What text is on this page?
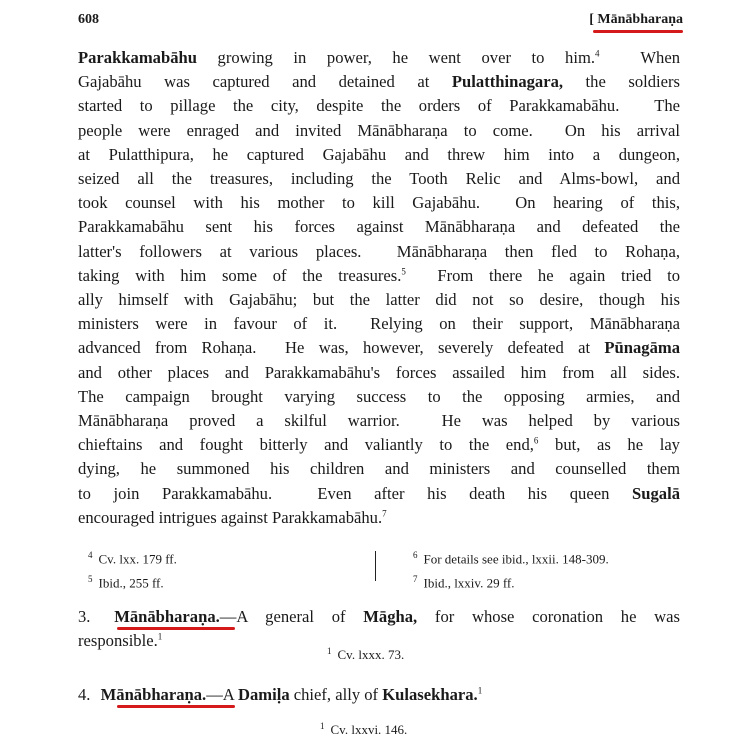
608	[ Mānābharaṇa
Parakkamabāhu growing in power, he went over to him.$^4$  When
Gajabāhu was captured and detained at Pulatthinagara, the soldiers
started to pillage the city, despite the orders of Parakkamabāhu.  The
people were enraged and invited Mānābharaṇa to come.  On his arrival
at Pulatthipura, he captured Gajabāhu and threw him into a dungeon,
seized all the treasures, including the Tooth Relic and Alms-bowl, and
took counsel with his mother to kill Gajabāhu.  On hearing of this,
Parakkamabāhu sent his forces against Mānābharaṇa and defeated the
latter's followers at various places.  Mānābharaṇa then fled to Rohaṇa,
taking with him some of the treasures.$^5$  From there he again tried to
ally himself with Gajabāhu; but the latter did not so desire, though his
ministers were in favour of it.  Relying on their support, Mānābharaṇa
advanced from Rohaṇa.  He was, however, severely defeated at Pūnagāma
and other places and Parakkamabāhu's forces assailed him from all sides.
The campaign brought varying success to the opposing armies, and
Mānābharaṇa proved a skilful warrior.  He was helped by various
chieftains and fought bitterly and valiantly to the end,$^6$ but, as he lay
dying, he summoned his children and ministers and counselled them
to join Parakkamabāhu.  Even after his death his queen Sugalā
encouraged intrigues against Parakkamabāhu.$^7$
$^4$ Cv. lxx. 179 ff.
$^5$ Ibid., 255 ff.
$^6$ For details see ibid., lxxii. 148-309.
$^7$ Ibid., lxxiv. 29 ff.
3. Mānābharaṇa.—A general of Māgha, for whose coronation he was
responsible.$^1$
$^1$ Cv. lxxx. 73.
4. Mānābharaṇa.—A Damiḷa chief, ally of Kulasekhara.$^1$
$^1$ Cv. lxxvi. 146.
